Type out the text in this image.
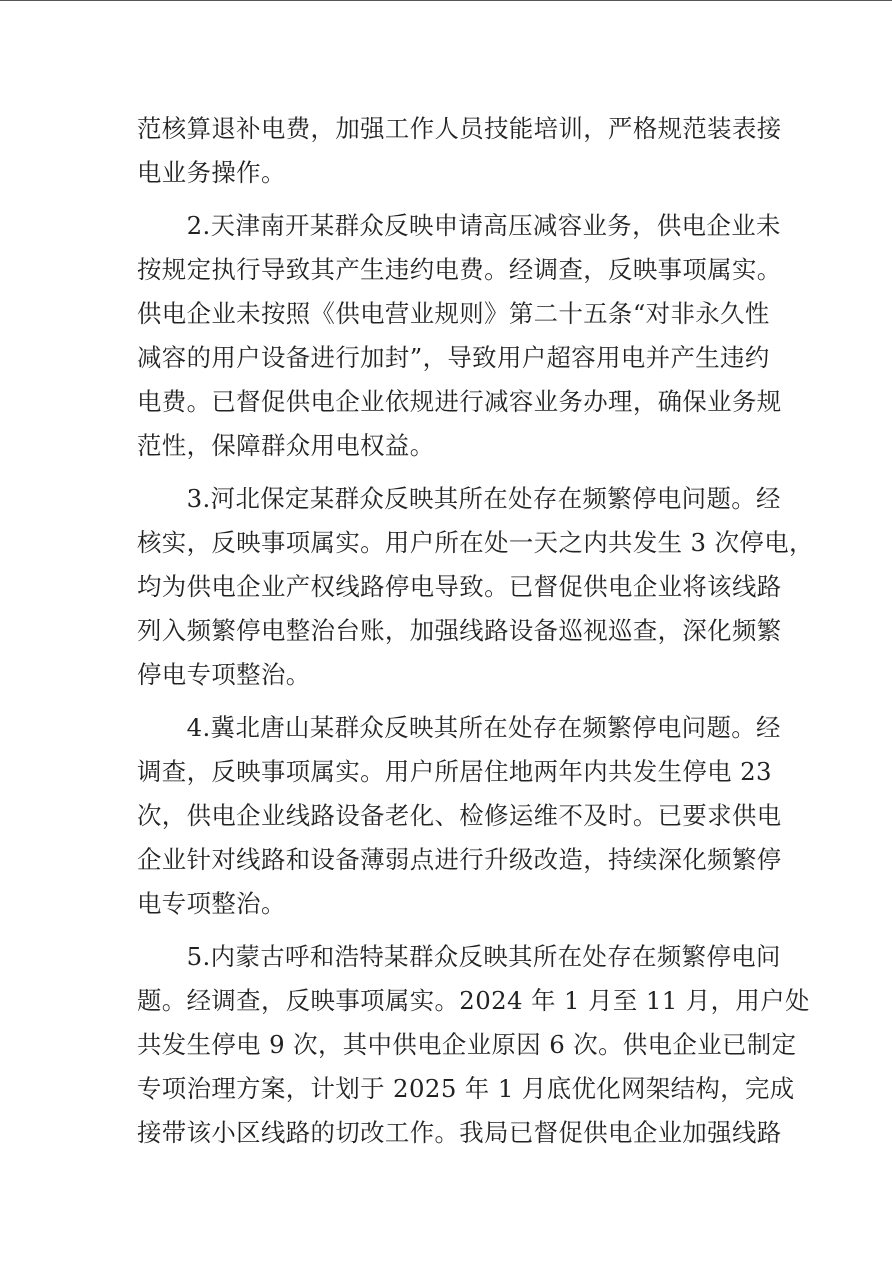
范核算退补电费，加强工作人员技能培训，严格规范装表接
电业务操作。
　　2.天津南开某群众反映申请高压减容业务，供电企业未
按规定执行导致其产生违约电费。经调查，反映事项属实。
供电企业未按照《供电营业规则》第二十五条“对非永久性
减容的用户设备进行加封”，导致用户超容用电并产生违约
电费。已督促供电企业依规进行减容业务办理，确保业务规
范性，保障群众用电权益。
　　3.河北保定某群众反映其所在处存在频繁停电问题。经
核实，反映事项属实。用户所在处一天之内共发生 3 次停电，
均为供电企业产权线路停电导致。已督促供电企业将该线路
列入频繁停电整治台账，加强线路设备巡视巡查，深化频繁
停电专项整治。
　　4.冀北唐山某群众反映其所在处存在频繁停电问题。经
调查，反映事项属实。用户所居住地两年内共发生停电 23
次，供电企业线路设备老化、检修运维不及时。已要求供电
企业针对线路和设备薄弱点进行升级改造，持续深化频繁停
电专项整治。
　　5.内蒙古呼和浩特某群众反映其所在处存在频繁停电问
题。经调查，反映事项属实。2024 年 1 月至 11 月，用户处
共发生停电 9 次，其中供电企业原因 6 次。供电企业已制定
专项治理方案，计划于 2025 年 1 月底优化网架结构，完成
接带该小区线路的切改工作。我局已督促供电企业加强线路
